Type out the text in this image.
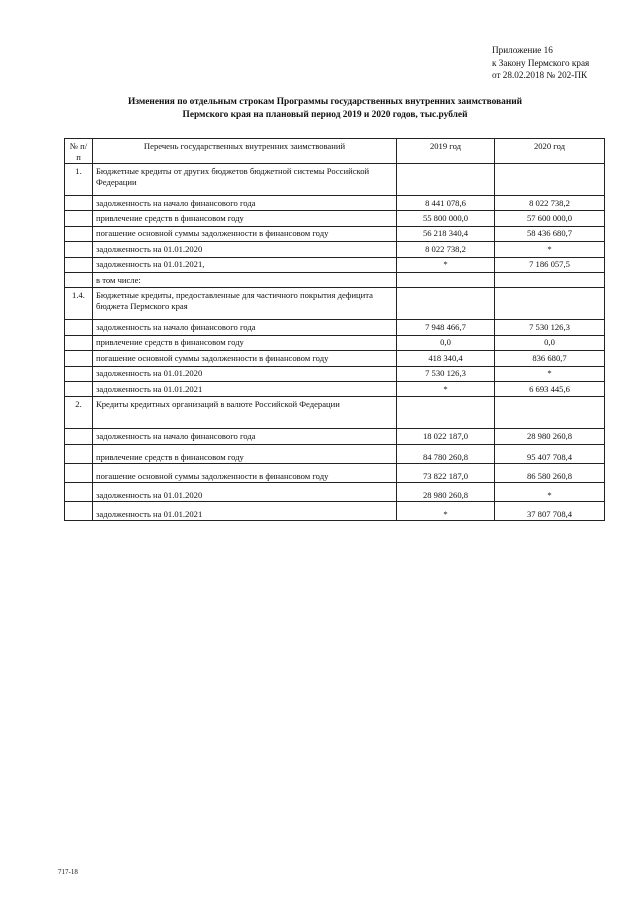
Приложение 16
к Закону Пермского края
от 28.02.2018 № 202-ПК
Изменения по отдельным строкам Программы государственных внутренних заимствований
Пермского края на плановый период 2019 и 2020 годов, тыс.рублей
№ п/п	Перечень государственных внутренних заимствований	2019 год	2020 год
1.	Бюджетные кредиты от других бюджетов бюджетной системы Российской Федерации		
	задолженность на начало финансового года	8 441 078,6	8 022 738,2
	привлечение средств в финансовом году	55 800 000,0	57 600 000,0
	погашение основной суммы задолженности в финансовом году	56 218 340,4	58 436 680,7
	задолженность на 01.01.2020	8 022 738,2	*
	задолженность на 01.01.2021,	*	7 186 057,5
	в том числе:		
1.4.	Бюджетные кредиты, предоставленные для частичного покрытия дефицита бюджета Пермского края		
	задолженность на начало финансового года	7 948 466,7	7 530 126,3
	привлечение средств в финансовом году	0,0	0,0
	погашение основной суммы задолженности в финансовом году	418 340,4	836 680,7
	задолженность на 01.01.2020	7 530 126,3	*
	задолженность на 01.01.2021	*	6 693 445,6
2.	Кредиты кредитных организаций в валюте Российской Федерации		
	задолженность на начало финансового года	18 022 187,0	28 980 260,8
	привлечение средств в финансовом году	84 780 260,8	95 407 708,4
	погашение основной суммы задолженности в финансовом году	73 822 187,0	86 580 260,8
	задолженность на 01.01.2020	28 980 260,8	*
	задолженность на 01.01.2021	*	37 807 708,4
717-18
